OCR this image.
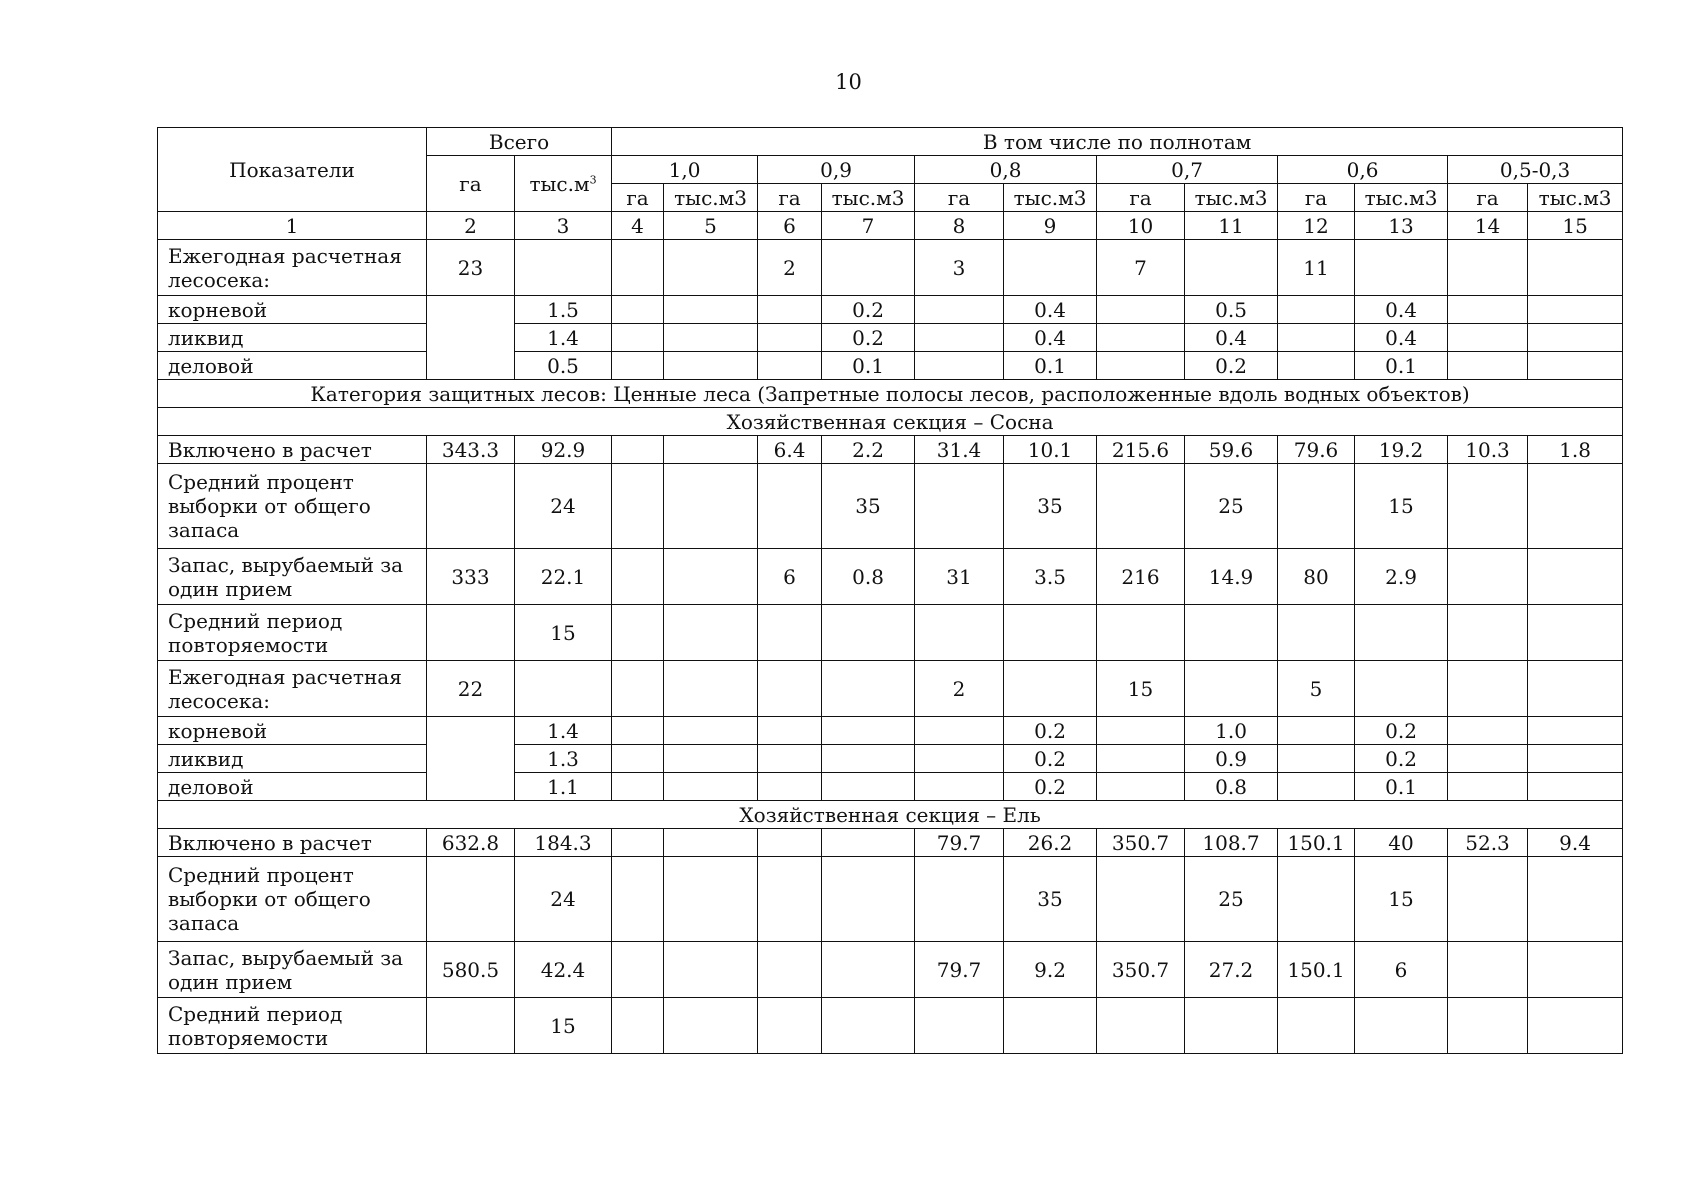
10
Показатели	Всего		В том числе по полнотам											
	га	$тыс.м^3$	1,0		0,9		0,8		0,7		0,6		0,5-0,3	
			га	тыс.м3	га	тыс.м3	га	тыс.м3	га	тыс.м3	га	тыс.м3	га	тыс.м3
1	2	3	4	5	6	7	8	9	10	11	12	13	14	15
Ежегодная расчетная лесосека:	23				2		3		7		11			
корневой		1.5				0.2		0.4		0.5		0.4		
ликвид		1.4				0.2		0.4		0.4		0.4		
деловой		0.5				0.1		0.1		0.2		0.1		
Категория защитных лесов: Ценные леса (Запретные полосы лесов, расположенные вдоль водных объектов)														
Хозяйственная секция – Сосна														
Включено в расчет	343.3	92.9			6.4	2.2	31.4	10.1	215.6	59.6	79.6	19.2	10.3	1.8
Средний процент выборки от общего запаса		24				35		35		25		15		
Запас, вырубаемый за один прием	333	22.1			6	0.8	31	3.5	216	14.9	80	2.9		
Средний период повторяемости		15												
Ежегодная расчетная лесосека:	22						2		15		5			
корневой		1.4						0.2		1.0		0.2		
ликвид		1.3						0.2		0.9		0.2		
деловой		1.1						0.2		0.8		0.1		
Хозяйственная секция – Ель														
Включено в расчет	632.8	184.3					79.7	26.2	350.7	108.7	150.1	40	52.3	9.4
Средний процент выборки от общего запаса		24						35		25		15		
Запас, вырубаемый за один прием	580.5	42.4					79.7	9.2	350.7	27.2	150.1	6		
Средний период повторяемости		15												
